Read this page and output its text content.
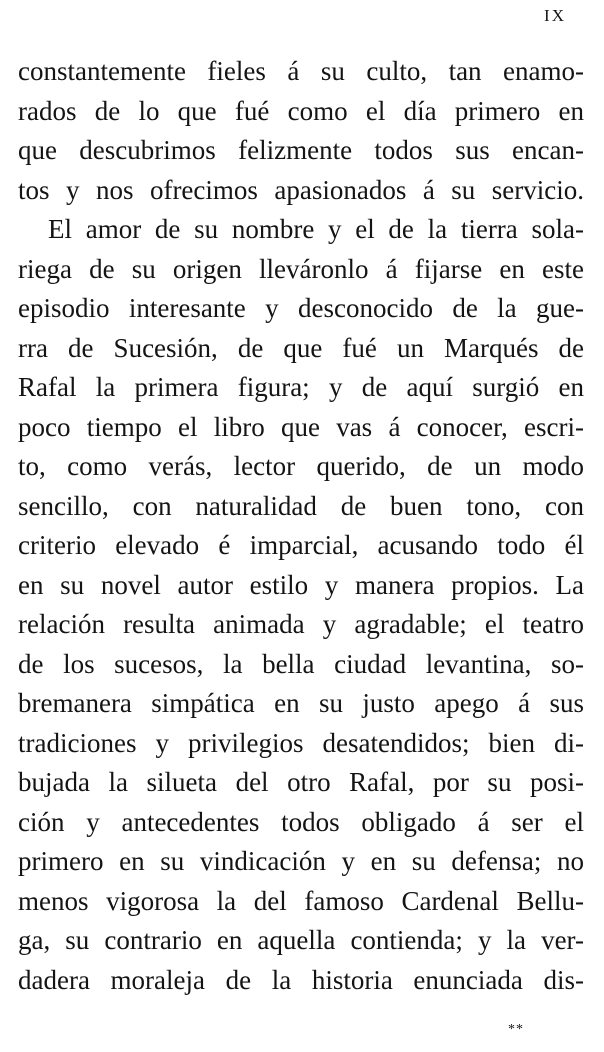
IX
constantemente fieles á su culto, tan enamo-
rados de lo que fué como el día primero en
que descubrimos felizmente todos sus encan-
tos y nos ofrecimos apasionados á su servicio.
El amor de su nombre y el de la tierra sola-
riega de su origen lleváronlo á fijarse en este
episodio interesante y desconocido de la gue-
rra de Sucesión, de que fué un Marqués de
Rafal la primera figura; y de aquí surgió en
poco tiempo el libro que vas á conocer, escri-
to, como verás, lector querido, de un modo
sencillo, con naturalidad de buen tono, con
criterio elevado é imparcial, acusando todo él
en su novel autor estilo y manera propios. La
relación resulta animada y agradable; el teatro
de los sucesos, la bella ciudad levantina, so-
bremanera simpática en su justo apego á sus
tradiciones y privilegios desatendidos; bien di-
bujada la silueta del otro Rafal, por su posi-
ción y antecedentes todos obligado á ser el
primero en su vindicación y en su defensa; no
menos vigorosa la del famoso Cardenal Bellu-
ga, su contrario en aquella contienda; y la ver-
dadera moraleja de la historia enunciada dis-
**
